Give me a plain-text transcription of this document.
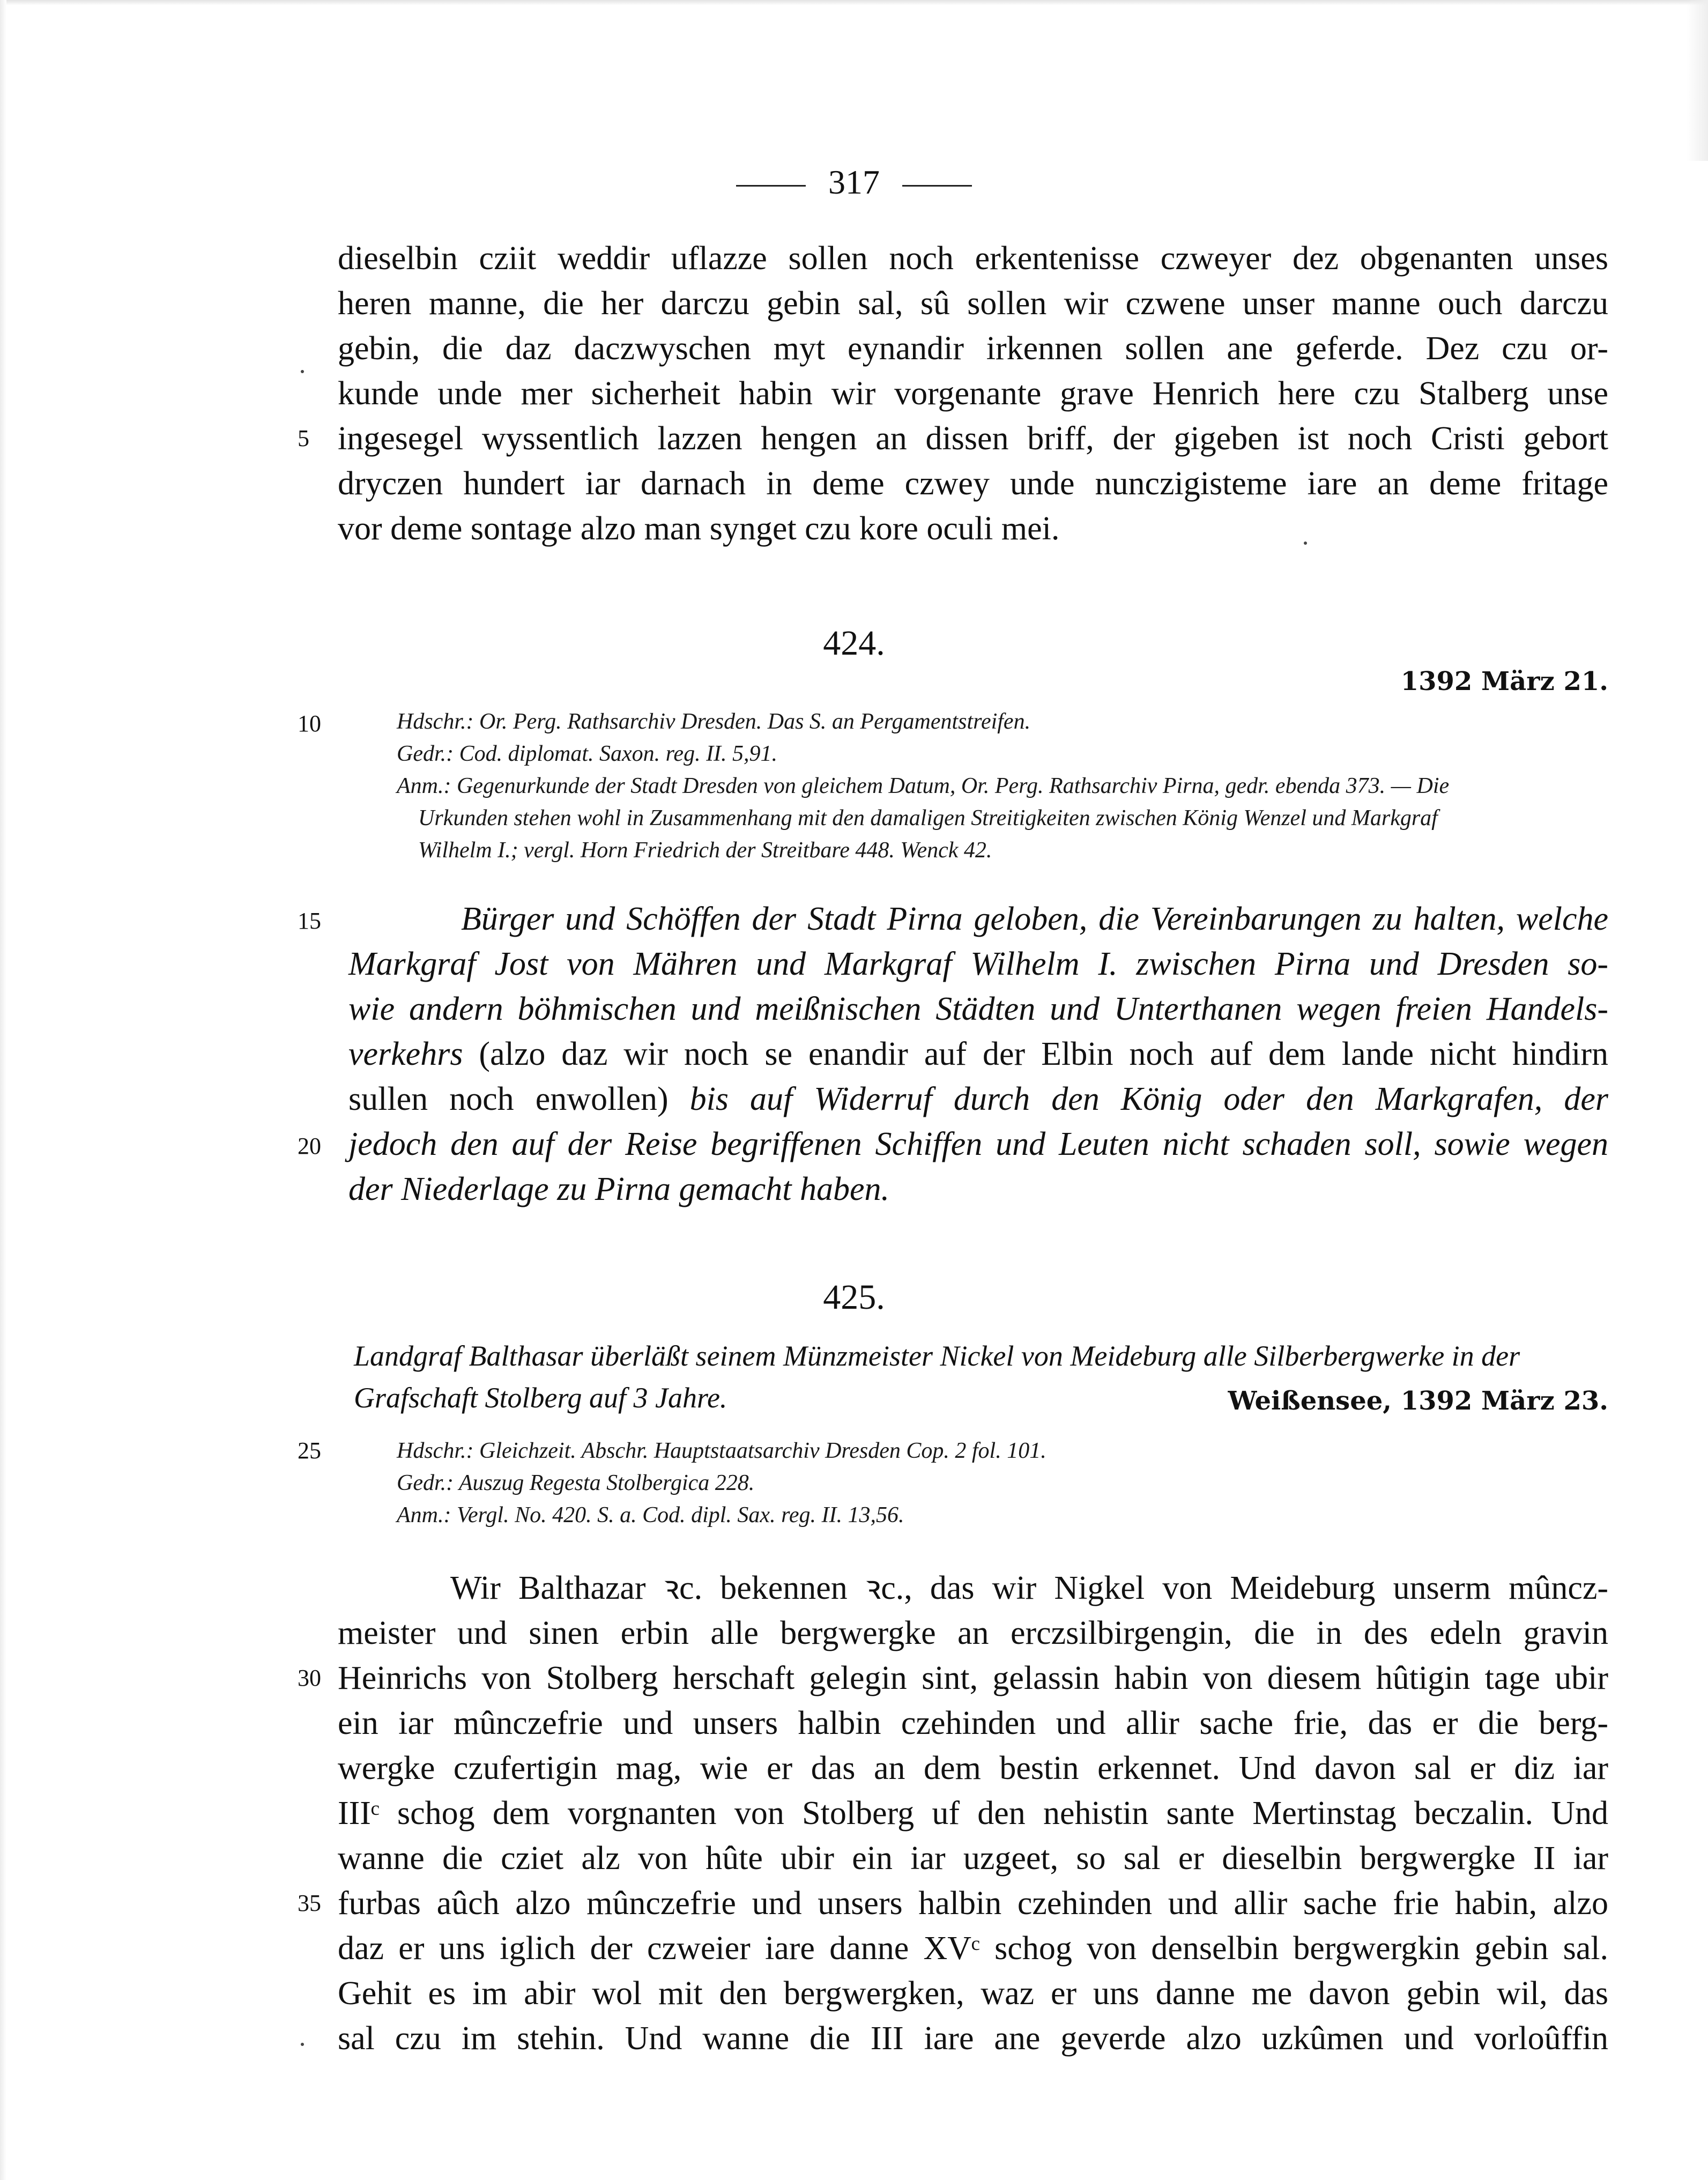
317
dieselbin cziit weddir uflazze sollen noch erkentenisse czweyer dez obgenanten unses
heren manne, die her darczu gebin sal, sû sollen wir czwene unser manne ouch darczu
gebin, die daz daczwyschen myt eynandir irkennen sollen ane geferde. Dez czu or-
kunde unde mer sicherheit habin wir vorgenante grave Henrich here czu Stalberg unse
ingesegel wyssentlich lazzen hengen an dissen briff, der gigeben ist noch Cristi gebort
dryczen hundert iar darnach in deme czwey unde nunczigisteme iare an deme fritage
vor deme sontage alzo man synget czu kore oculi mei.
5
424.
1392 März 21.
10	Hdschr.: Or. Perg. Rathsarchiv Dresden. Das S. an Pergamentstreifen.
Gedr.: Cod. diplomat. Saxon. reg. II. 5,91.
Anm.: Gegenurkunde der Stadt Dresden von gleichem Datum, Or. Perg. Rathsarchiv Pirna, gedr. ebenda 373. — Die
Urkunden stehen wohl in Zusammenhang mit den damaligen Streitigkeiten zwischen König Wenzel und Markgraf
Wilhelm I.; vergl. Horn Friedrich der Streitbare 448. Wenck 42.
15
20
Bürger und Schöffen der Stadt Pirna geloben, die Vereinbarungen zu halten, welche
Markgraf Jost von Mähren und Markgraf Wilhelm I. zwischen Pirna und Dresden so-
wie andern böhmischen und meißnischen Städten und Unterthanen wegen freien Handels-
verkehrs (alzo daz wir noch se enandir auf der Elbin noch auf dem lande nicht hindirn
sullen noch enwollen) bis auf Widerruf durch den König oder den Markgrafen, der
jedoch den auf der Reise begriffenen Schiffen und Leuten nicht schaden soll, sowie wegen
der Niederlage zu Pirna gemacht haben.
425.
Landgraf Balthasar überläßt seinem Münzmeister Nickel von Meideburg alle Silberbergwerke in der
Grafschaft Stolberg auf 3 Jahre.	Weißensee, 1392 März 23.
25	Hdschr.: Gleichzeit. Abschr. Hauptstaatsarchiv Dresden Cop. 2 fol. 101.
Gedr.: Auszug Regesta Stolbergica 228.
Anm.: Vergl. No. 420. S. a. Cod. dipl. Sax. reg. II. 13,56.
Wir Balthazar ꝛc. bekennen ꝛc., das wir Nigkel von Meideburg unserm mûncz-
meister und sinen erbin alle bergwergke an erczsilbirgengin, die in des edeln gravin
Heinrichs von Stolberg herschaft gelegin sint, gelassin habin von diesem hûtigin tage ubir
ein iar mûnczefrie und unsers halbin czehinden und allir sache frie, das er die berg-
wergke czufertigin mag, wie er das an dem bestin erkennet. Und davon sal er diz iar
IIIᶜ schog dem vorgnanten von Stolberg uf den nehistin sante Mertinstag beczalin. Und
wanne die cziet alz von hûte ubir ein iar uzgeet, so sal er dieselbin bergwergke II iar
furbas aûch alzo mûnczefrie und unsers halbin czehinden und allir sache frie habin, alzo
daz er uns iglich der czweier iare danne XVᶜ schog von denselbin bergwergkin gebin sal.
Gehit es im abir wol mit den bergwergken, waz er uns danne me davon gebin wil, das
sal czu im stehin. Und wanne die III iare ane geverde alzo uzkûmen und vorloûffin
30
35
